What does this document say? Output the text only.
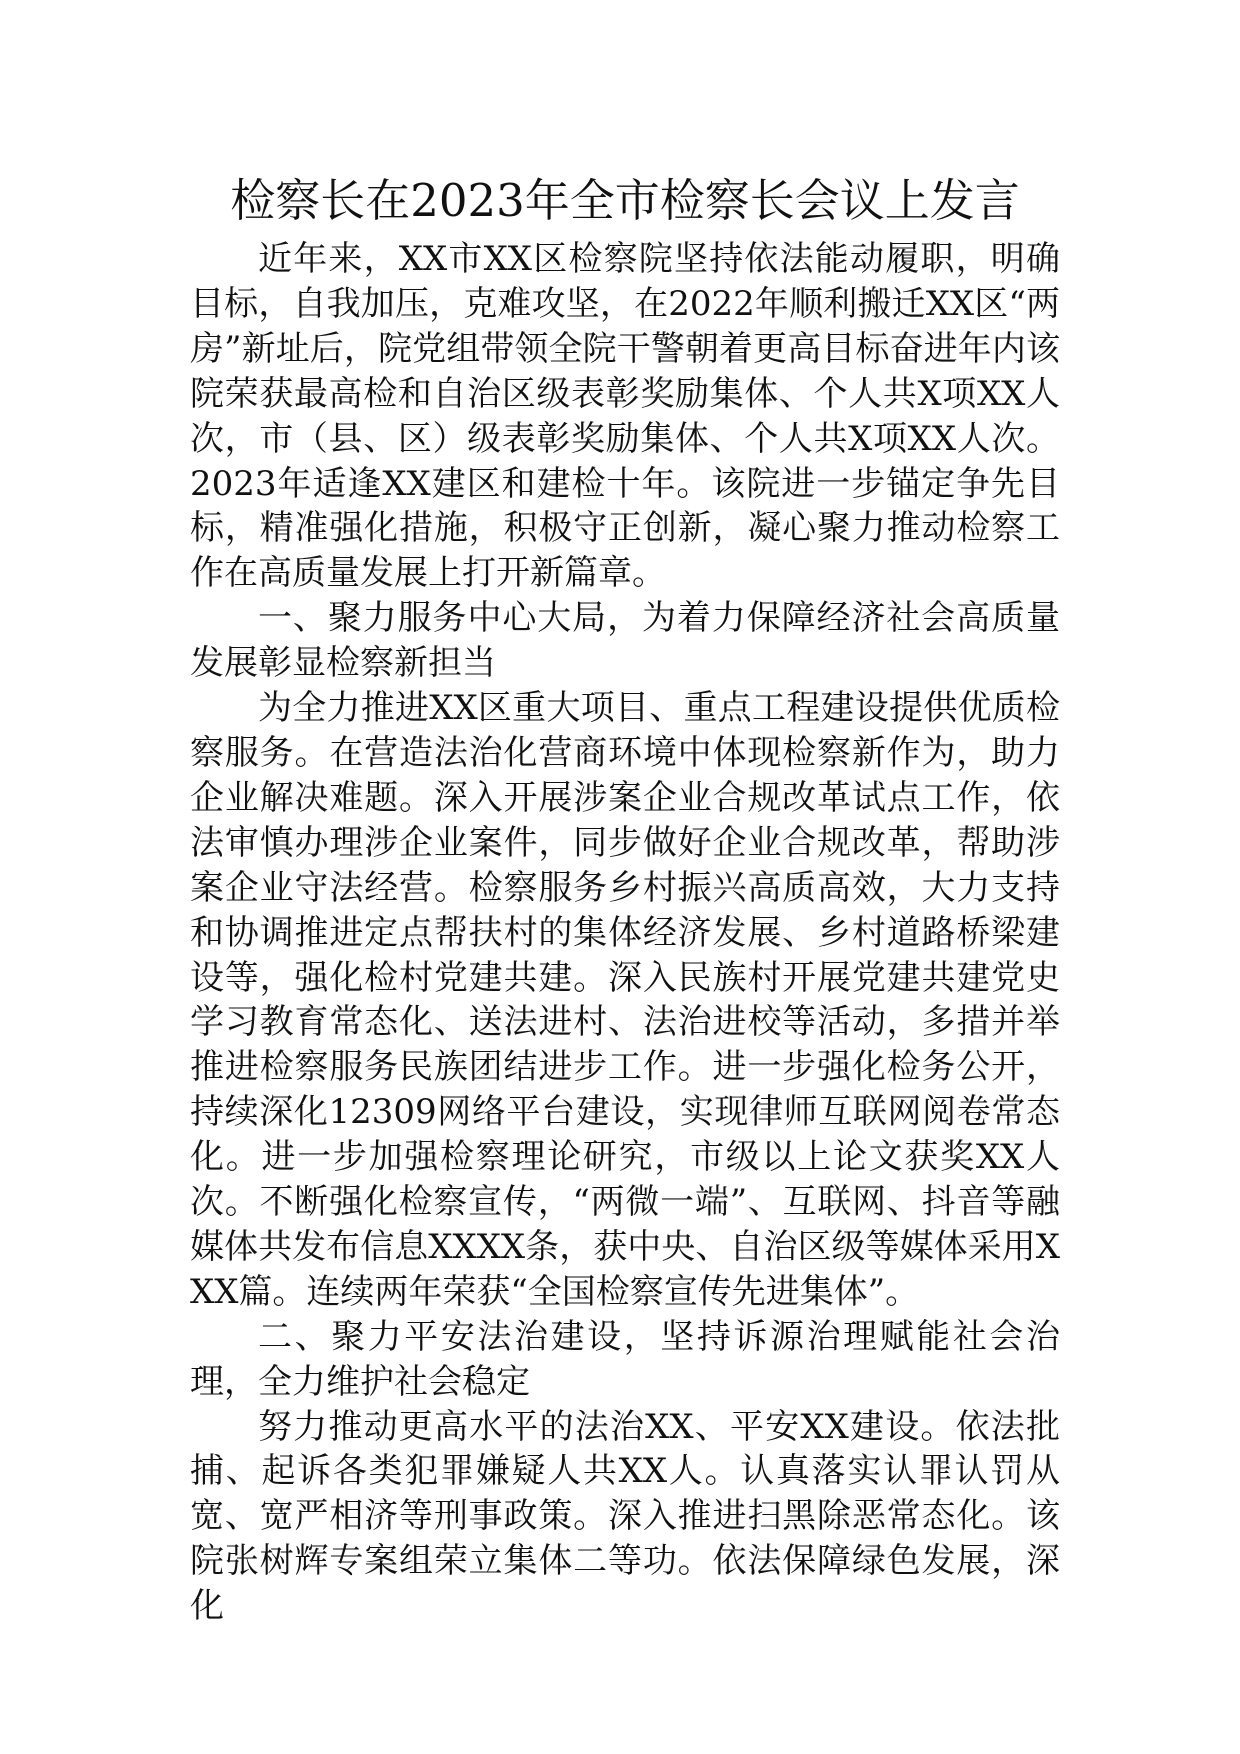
检察长在2023年全市检察长会议上发言

近年来，XX市XX区检察院坚持依法能动履职，明确目标，自我加压，克难攻坚，在2022年顺利搬迁XX区“两房”新址后，院党组带领全院干警朝着更高目标奋进年内该院荣获最高检和自治区级表彰奖励集体、个人共X项XX人次，市（县、区）级表彰奖励集体、个人共X项XX人次。2023年适逢XX建区和建检十年。该院进一步锚定争先目标，精准强化措施，积极守正创新，凝心聚力推动检察工作在高质量发展上打开新篇章。

一、聚力服务中心大局，为着力保障经济社会高质量发展彰显检察新担当

为全力推进XX区重大项目、重点工程建设提供优质检察服务。在营造法治化营商环境中体现检察新作为，助力企业解决难题。深入开展涉案企业合规改革试点工作，依法审慎办理涉企业案件，同步做好企业合规改革，帮助涉案企业守法经营。检察服务乡村振兴高质高效，大力支持和协调推进定点帮扶村的集体经济发展、乡村道路桥梁建设等，强化检村党建共建。深入民族村开展党建共建党史学习教育常态化、送法进村、法治进校等活动，多措并举推进检察服务民族团结进步工作。进一步强化检务公开，持续深化12309网络平台建设，实现律师互联网阅卷常态化。进一步加强检察理论研究，市级以上论文获奖XX人次。不断强化检察宣传，“两微一端”、互联网、抖音等融媒体共发布信息XXXX条，获中央、自治区级等媒体采用XXX篇。连续两年荣获“全国检察宣传先进集体”。

二、聚力平安法治建设，坚持诉源治理赋能社会治理，全力维护社会稳定

努力推动更高水平的法治XX、平安XX建设。依法批捕、起诉各类犯罪嫌疑人共XX人。认真落实认罪认罚从宽、宽严相济等刑事政策。深入推进扫黑除恶常态化。该院张树辉专案组荣立集体二等功。依法保障绿色发展，深化
